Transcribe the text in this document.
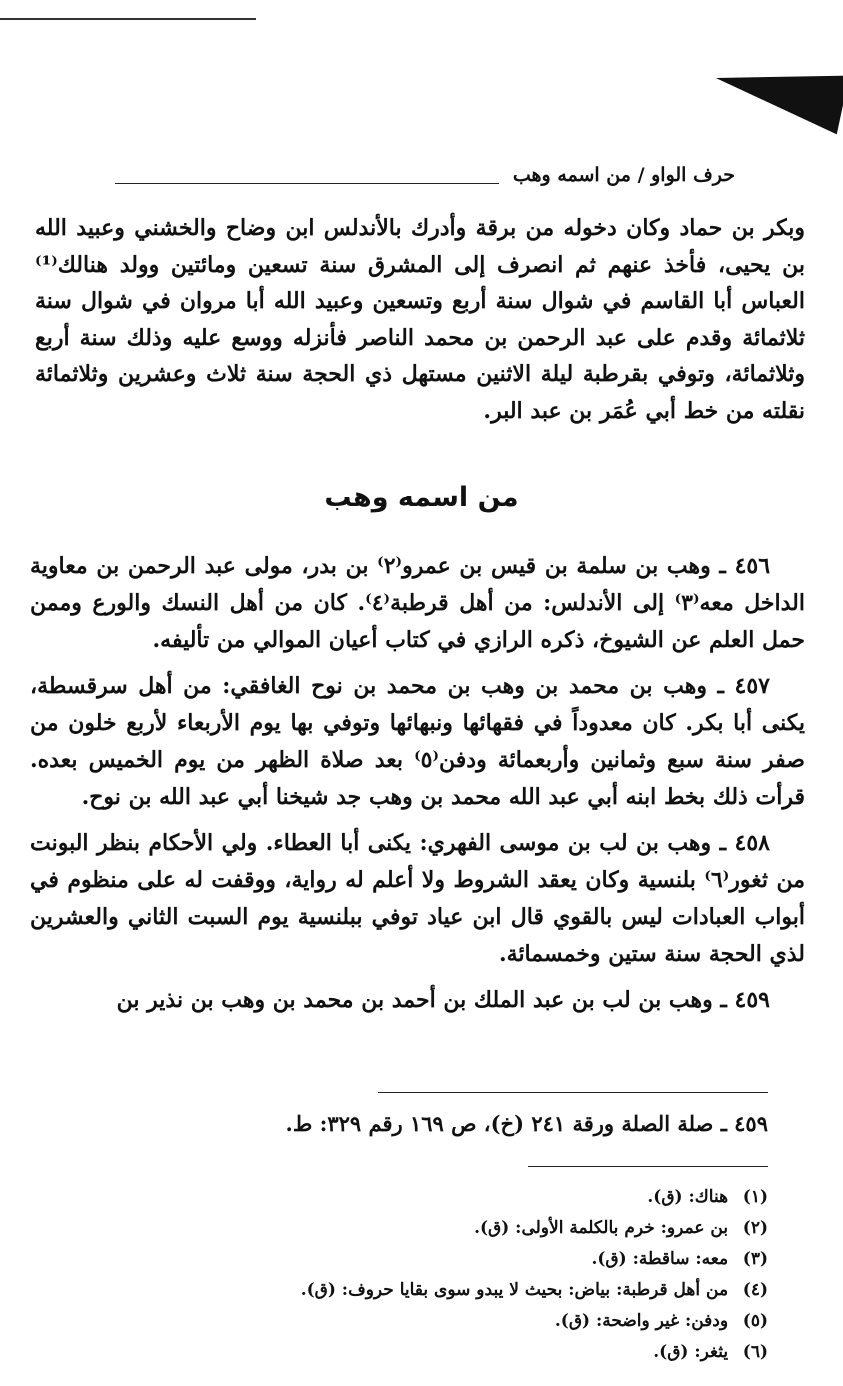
حرف الواو / من اسمه وهب

وبكر بن حماد وكان دخوله من برقة وأدرك بالأندلس ابن وضاح والخشني وعبيد الله بن يحيى، فأخذ عنهم ثم انصرف إلى المشرق سنة تسعين ومائتين وولد هنالك⁽¹⁾ العباس أبا القاسم في شوال سنة أربع وتسعين وعبيد الله أبا مروان في شوال سنة ثلاثمائة وقدم على عبد الرحمن بن محمد الناصر فأنزله ووسع عليه وذلك سنة أربع وثلاثمائة، وتوفي بقرطبة ليلة الاثنين مستهل ذي الحجة سنة ثلاث وعشرين وثلاثمائة نقلته من خط أبي عُمَر بن عبد البر.

من اسمه وهب

٤٥٦ ـ وهب بن سلمة بن قيس بن عمرو⁽٢⁾ بن بدر، مولى عبد الرحمن بن معاوية الداخل معه⁽٣⁾ إلى الأندلس: من أهل قرطبة⁽٤⁾. كان من أهل النسك والورع وممن حمل العلم عن الشيوخ، ذكره الرازي في كتاب أعيان الموالي من تأليفه.

٤٥٧ ـ وهب بن محمد بن وهب بن محمد بن نوح الغافقي: من أهل سرقسطة، يكنى أبا بكر. كان معدوداً في فقهائها ونبهائها وتوفي بها يوم الأربعاء لأربع خلون من صفر سنة سبع وثمانين وأربعمائة ودفن⁽٥⁾ بعد صلاة الظهر من يوم الخميس بعده. قرأت ذلك بخط ابنه أبي عبد الله محمد بن وهب جد شيخنا أبي عبد الله بن نوح.

٤٥٨ ـ وهب بن لب بن موسى الفهري: يكنى أبا العطاء. ولي الأحكام بنظر البونت من ثغور⁽٦⁾ بلنسية وكان يعقد الشروط ولا أعلم له رواية، ووقفت له على منظوم في أبواب العبادات ليس بالقوي قال ابن عياد توفي ببلنسية يوم السبت الثاني والعشرين لذي الحجة سنة ستين وخمسمائة.

٤٥٩ ـ وهب بن لب بن عبد الملك بن أحمد بن محمد بن وهب بن نذير بن

٤٥٩ ـ صلة الصلة ورقة ٢٤١ (خ)، ص ١٦٩ رقم ٣٢٩: ط.
(١) هناك: (ق).
(٢) بن عمرو: خرم بالكلمة الأولى: (ق).
(٣) معه: ساقطة: (ق).
(٤) من أهل قرطبة: بياض: بحيث لا يبدو سوى بقايا حروف: (ق).
(٥) ودفن: غير واضحة: (ق).
(٦) يثغر: (ق).
